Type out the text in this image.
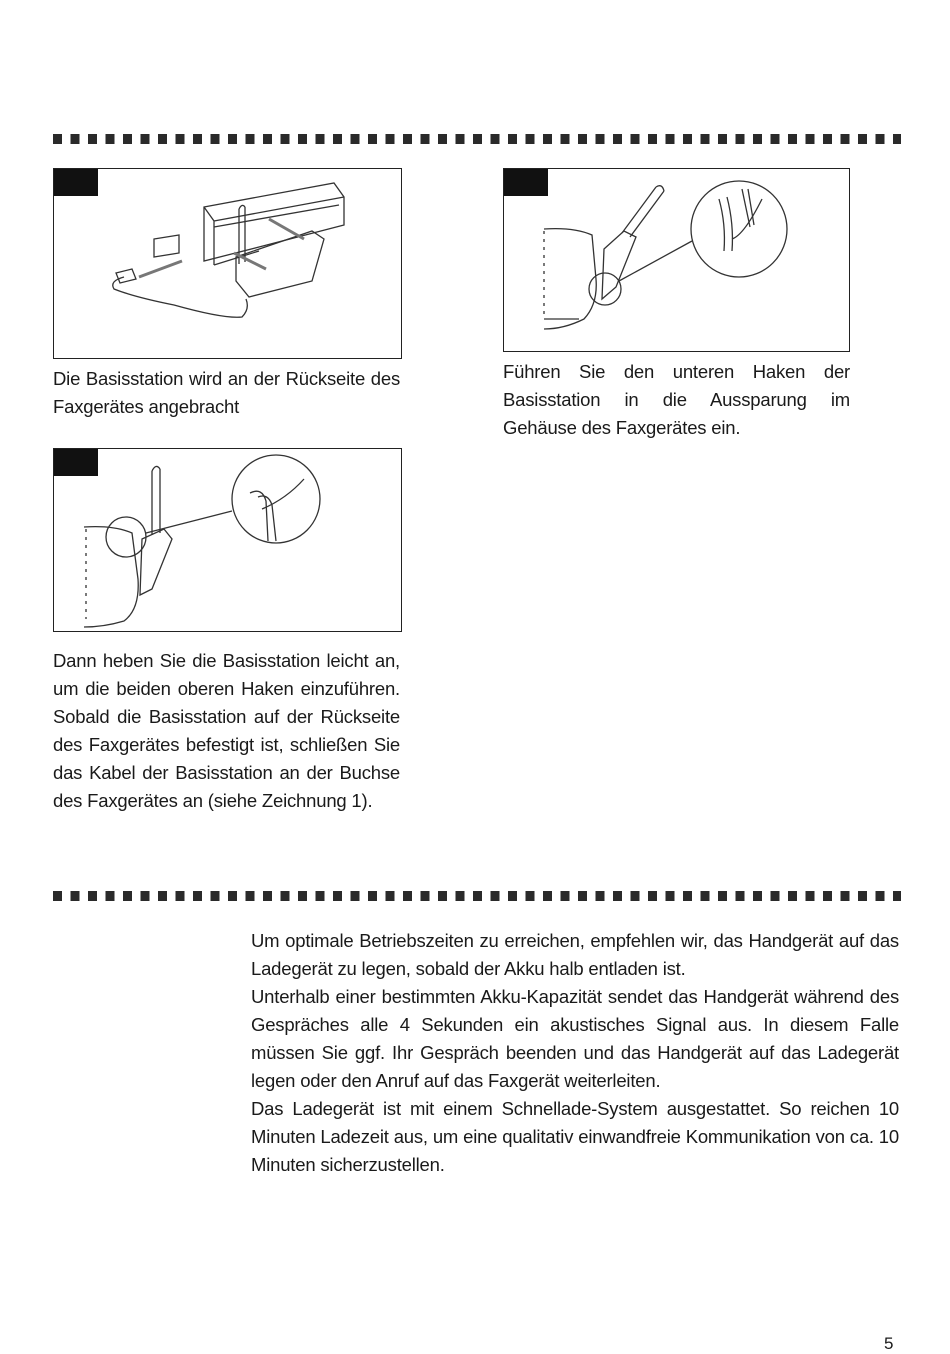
Die Basisstation wird an der Rückseite des Faxgerätes angebracht

Führen Sie den unteren Haken der Basisstation in die Aussparung im Gehäuse des Faxgerätes ein.

Dann heben Sie die Basisstation leicht an, um die beiden oberen Haken einzuführen. Sobald die Basisstation auf der Rückseite des Faxgerätes befestigt ist, schließen Sie das Kabel der Basisstation an der Buchse des Faxgerätes an (siehe Zeichnung 1).

Um optimale Betriebszeiten zu erreichen, empfehlen wir, das Handgerät auf das Ladegerät zu legen, sobald der Akku halb entladen ist.

Unterhalb einer bestimmten Akku-Kapazität sendet das Handgerät während des Gespräches alle 4 Sekunden ein akustisches Signal aus. In diesem Falle müssen Sie ggf. Ihr Gespräch beenden und das Handgerät auf das Ladegerät legen oder den Anruf auf das Faxgerät weiterleiten.

Das Ladegerät ist mit einem Schnellade-System ausgestattet. So reichen 10 Minuten Ladezeit aus, um eine qualitativ einwandfreie Kommunikation von ca. 10 Minuten sicherzustellen.

5
